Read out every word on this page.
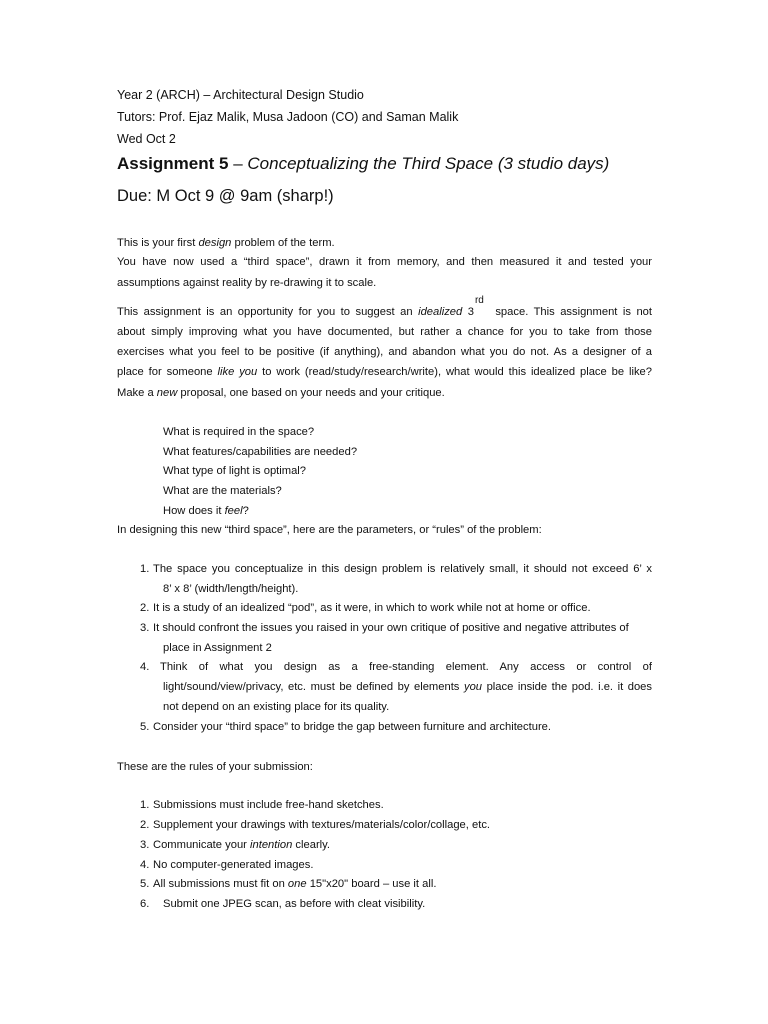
Year 2 (ARCH) – Architectural Design Studio
Tutors: Prof. Ejaz Malik, Musa Jadoon (CO) and Saman Malik
Wed Oct 2
Assignment 5 – Conceptualizing the Third Space (3 studio days)
Due: M Oct 9 @ 9am (sharp!)
This is your first design problem of the term.
You have now used a “third space”, drawn it from memory, and then measured it and tested your
assumptions against reality by re-drawing it to scale.
This assignment is an opportunity for you to suggest an idealized 3rd space. This assignment is not
about simply improving what you have documented, but rather a chance for you to take from those
exercises what you feel to be positive (if anything), and abandon what you do not. As a designer of a
place for someone like you to work (read/study/research/write), what would this idealized place be like?
Make a new proposal, one based on your needs and your critique.
What is required in the space?
What features/capabilities are needed?
What type of light is optimal?
What are the materials?
How does it feel?
In designing this new “third space”, here are the parameters, or “rules” of the problem:
1. The space you conceptualize in this design problem is relatively small, it should not exceed 6’ x
8’ x 8’ (width/length/height).
2. It is a study of an idealized “pod”, as it were, in which to work while not at home or office.
3. It should confront the issues you raised in your own critique of positive and negative attributes of
place in Assignment 2
4. Think of what you design as a free-standing element. Any access or control of
light/sound/view/privacy, etc. must be defined by elements you place inside the pod. i.e. it does
not depend on an existing place for its quality.
5. Consider your “third space” to bridge the gap between furniture and architecture.
These are the rules of your submission:
1. Submissions must include free-hand sketches.
2. Supplement your drawings with textures/materials/color/collage, etc.
3. Communicate your intention clearly.
4. No computer-generated images.
5. All submissions must fit on one 15"x20" board – use it all.
6. Submit one JPEG scan, as before with cleat visibility.
